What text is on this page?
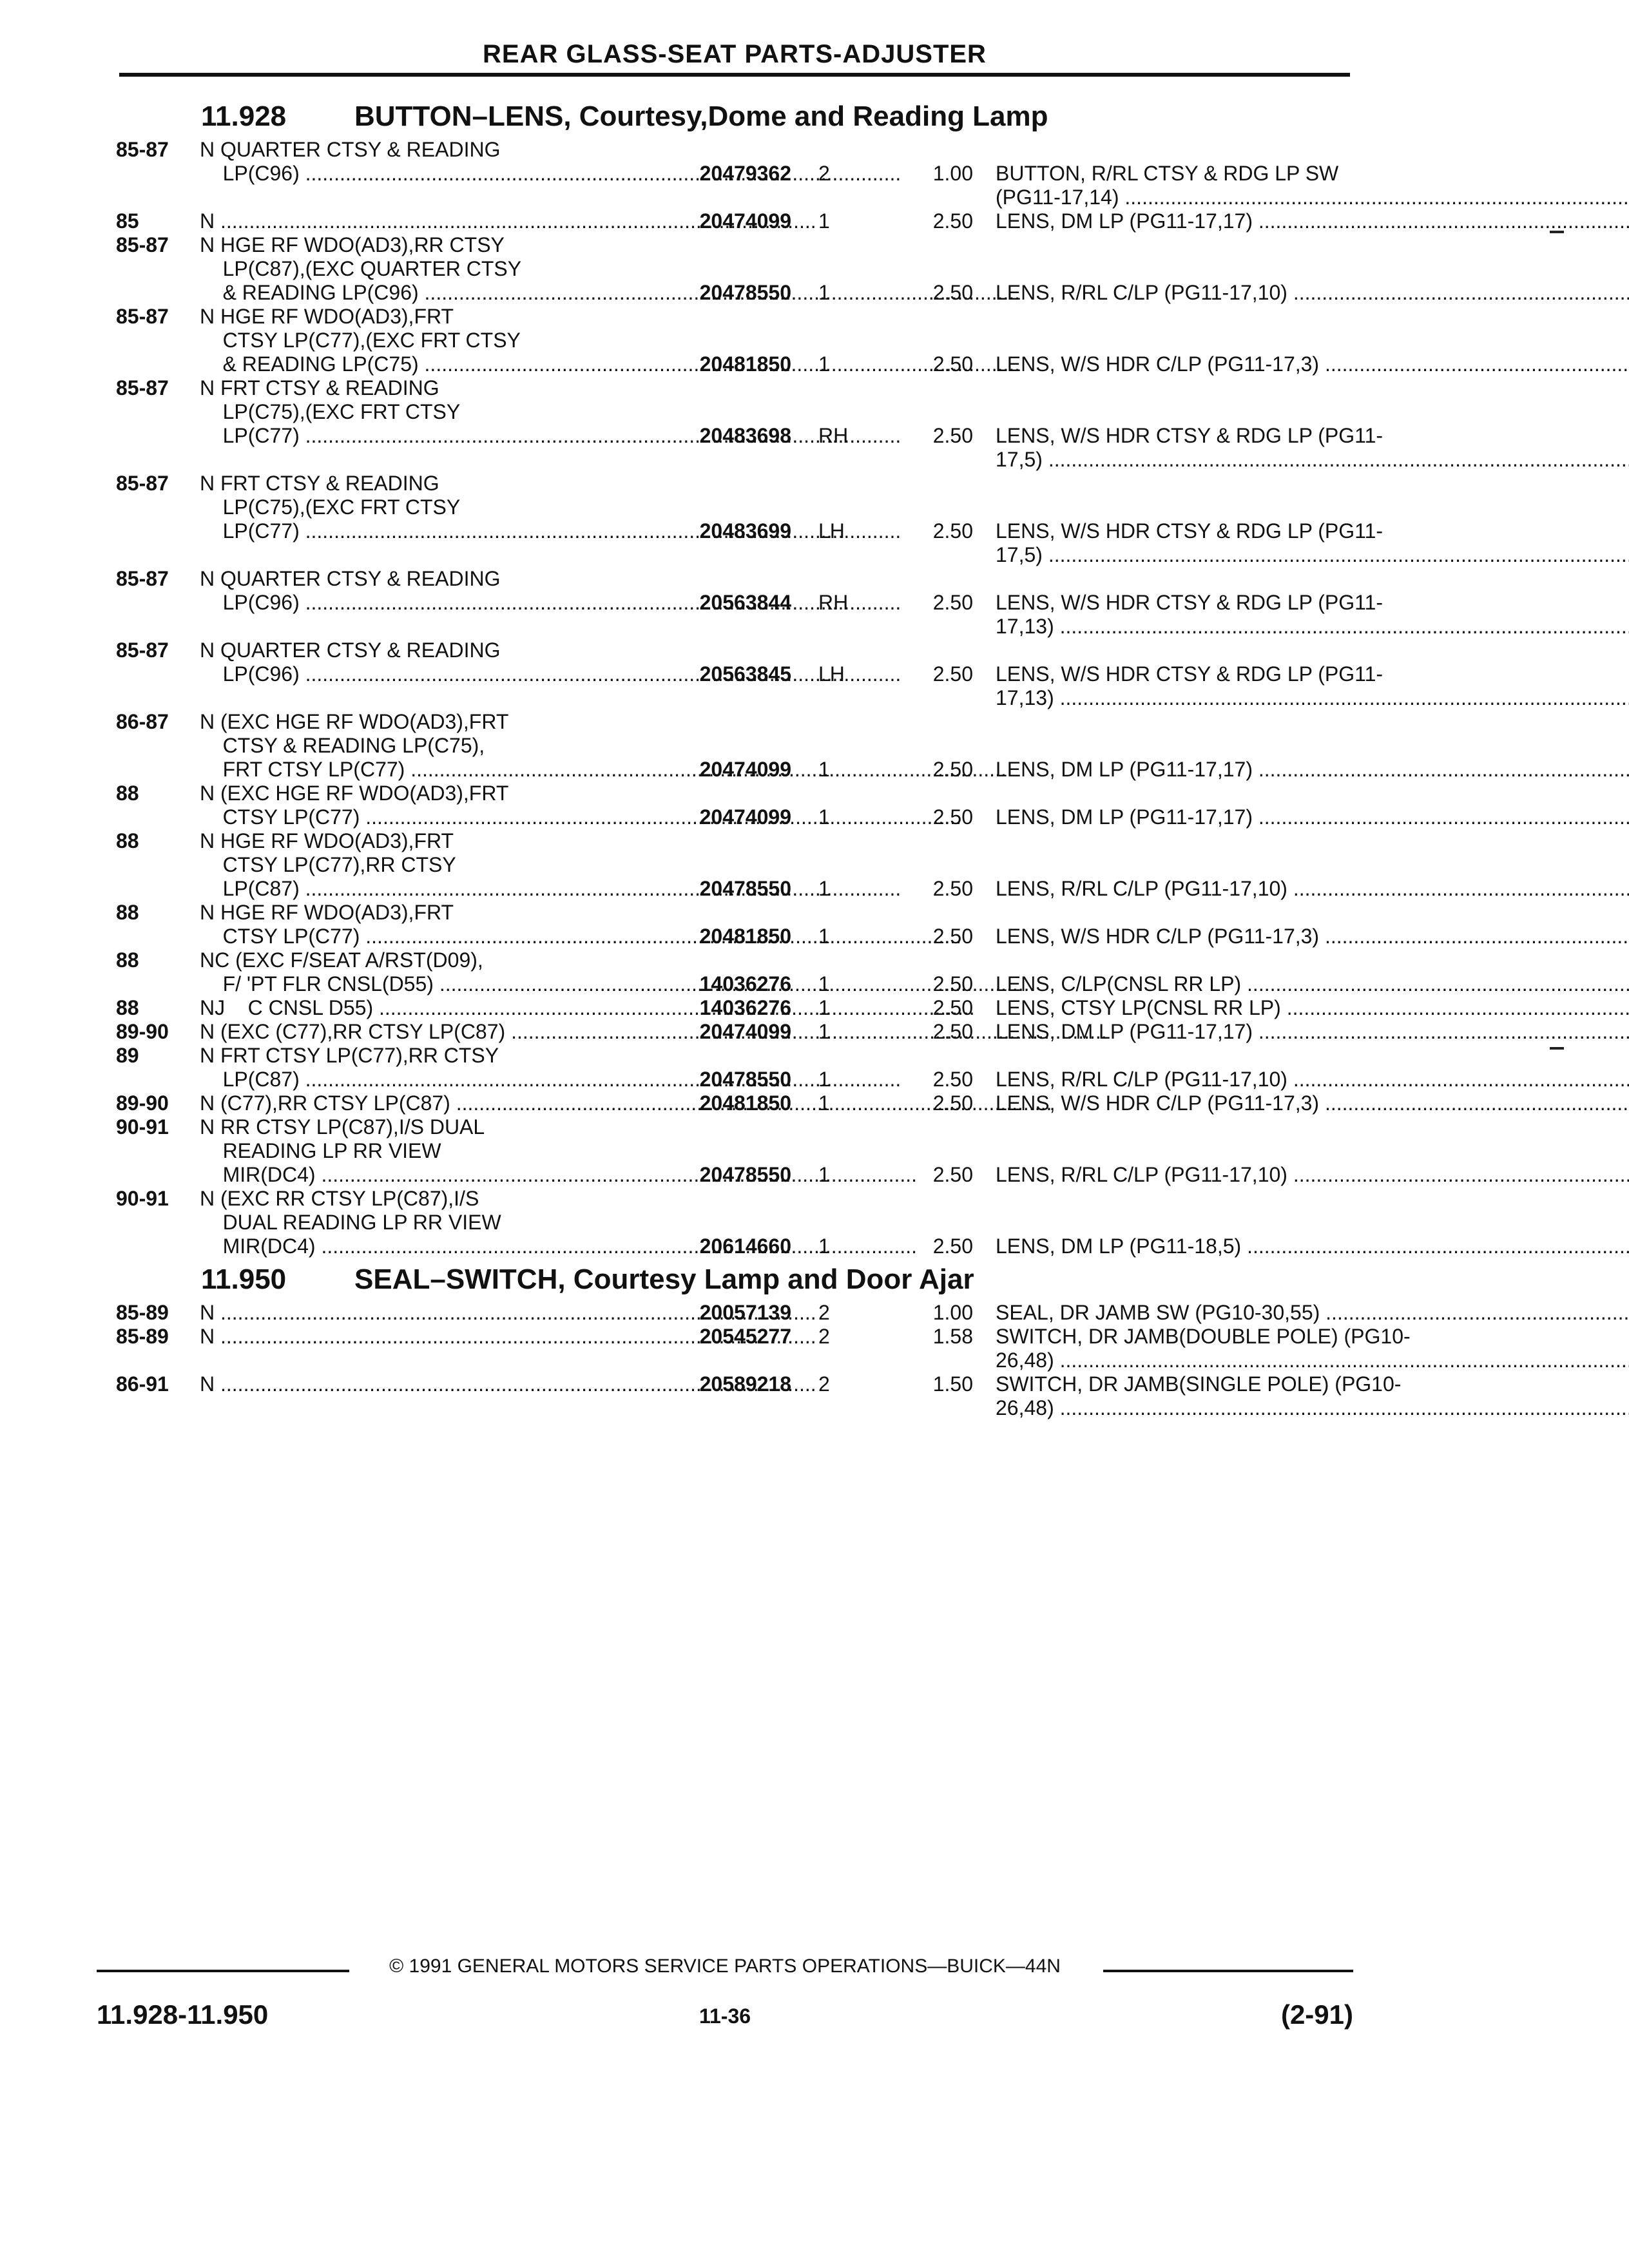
REAR GLASS-SEAT PARTS-ADJUSTER
11.928 BUTTON–LENS, Courtesy,Dome and Reading Lamp
85-87 N QUARTER CTSY & READING
LP(C96) .....	20479362 2	1.00 BUTTON, R/RL CTSY & RDG LP SW
(PG11-17,14) .....
85	N .....	20474099 1	2.50 LENS, DM LP (PG11-17,17) .....
85-87 N HGE RF WDO(AD3),RR CTSY
LP(C87),(EXC QUARTER CTSY
& READING LP(C96) .....	20478550 1	2.50 LENS, R/RL C/LP (PG11-17,10) .....
85-87 N HGE RF WDO(AD3),FRT
CTSY LP(C77),(EXC FRT CTSY
& READING LP(C75) .....	20481850 1	2.50 LENS, W/S HDR C/LP (PG11-17,3) .....
85-87 N FRT CTSY & READING
LP(C75),(EXC FRT CTSY
LP(C77) .....	20483698 RH	2.50 LENS, W/S HDR CTSY & RDG LP (PG11-
17,5) .....
85-87 N FRT CTSY & READING
LP(C75),(EXC FRT CTSY
LP(C77) .....	20483699 LH	2.50 LENS, W/S HDR CTSY & RDG LP (PG11-
17,5) .....
85-87 N QUARTER CTSY & READING
LP(C96) .....	20563844 RH	2.50 LENS, W/S HDR CTSY & RDG LP (PG11-
17,13) .....
85-87 N QUARTER CTSY & READING
LP(C96) .....	20563845 LH	2.50 LENS, W/S HDR CTSY & RDG LP (PG11-
17,13) .....
86-87 N (EXC HGE RF WDO(AD3),FRT
CTSY & READING LP(C75),
FRT CTSY LP(C77) .....	20474099 1	2.50 LENS, DM LP (PG11-17,17) .....
88	N (EXC HGE RF WDO(AD3),FRT
CTSY LP(C77) .....	20474099 1	2.50 LENS, DM LP (PG11-17,17) .....
88	N HGE RF WDO(AD3),FRT
CTSY LP(C77),RR CTSY
LP(C87) .....	20478550 1	2.50 LENS, R/RL C/LP (PG11-17,10) .....
88	N HGE RF WDO(AD3),FRT
CTSY LP(C77) .....	20481850 1	2.50 LENS, W/S HDR C/LP (PG11-17,3) .....
88	NC (EXC F/SEAT A/RST(D09),
F/ 'PT FLR CNSL(D55) .....	14036276 1	2.50 LENS, C/LP(CNSL RR LP) .....
88	NJ    C CNSL D55) .....	14036276 1	2.50 LENS, CTSY LP(CNSL RR LP) .....
89-90 N (EXC (C77),RR CTSY LP(C87) .....	20474099 1	2.50 LENS, DM LP (PG11-17,17) .....
89	N FRT CTSY LP(C77),RR CTSY
LP(C87) .....	20478550 1	2.50 LENS, R/RL C/LP (PG11-17,10) .....
89-90 N (C77),RR CTSY LP(C87) .....	20481850 1	2.50 LENS, W/S HDR C/LP (PG11-17,3) .....
90-91 N RR CTSY LP(C87),I/S DUAL
READING LP RR VIEW
MIR(DC4) .....	20478550 1	2.50 LENS, R/RL C/LP (PG11-17,10) .....
90-91 N (EXC RR CTSY LP(C87),I/S
DUAL READING LP RR VIEW
MIR(DC4) .....	20614660 1	2.50 LENS, DM LP (PG11-18,5) .....
11.950 SEAL–SWITCH, Courtesy Lamp and Door Ajar
85-89 N .....	20057139 2	1.00 SEAL, DR JAMB SW (PG10-30,55) .....
85-89 N .....	20545277 2	1.58 SWITCH, DR JAMB(DOUBLE POLE) (PG10-
26,48) .....
86-91 N .....	20589218 2	1.50 SWITCH, DR JAMB(SINGLE POLE) (PG10-
26,48) .....
© 1991 GENERAL MOTORS SERVICE PARTS OPERATIONS—BUICK—44N
11.928-11.950	11-36	(2-91)
